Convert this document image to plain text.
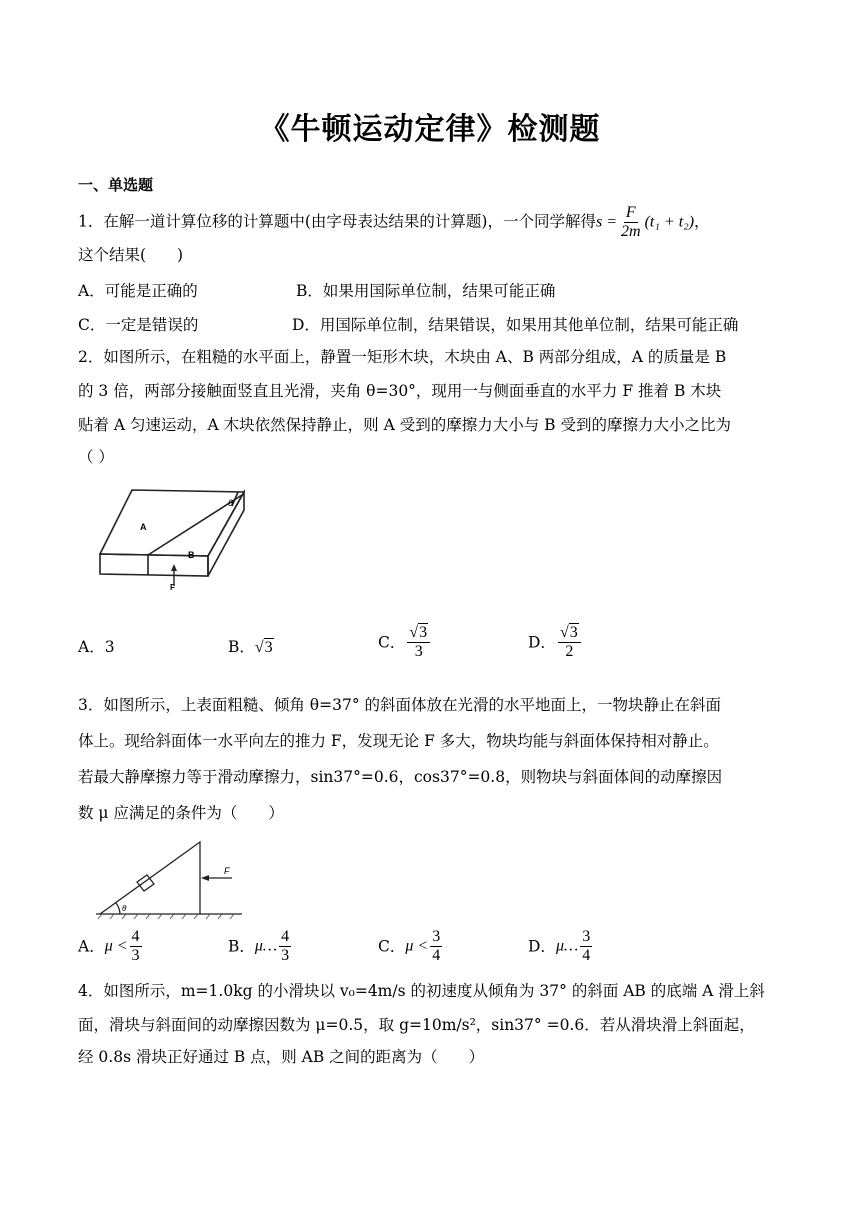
《牛顿运动定律》检测题
一、单选题
1．在解一道计算位移的计算题中(由字母表达结果的计算题)，一个同学解得$s = \frac{F}{2m} (t_1 + t_2)$，
这个结果(　　)
A．可能是正确的	B．如果用国际单位制，结果可能正确
C．一定是错误的	D．用国际单位制，结果错误，如果用其他单位制，结果可能正确
2．如图所示，在粗糙的水平面上，静置一矩形木块，木块由 A、B 两部分组成，A 的质量是 B
的 3 倍，两部分接触面竖直且光滑，夹角 θ=30°，现用一与侧面垂直的水平力 F 推着 B 木块
贴着 A 匀速运动，A 木块依然保持静止，则 A 受到的摩擦力大小与 B 受到的摩擦力大小之比为
（ ）
A
B
θ
F
A．3	B．√3	C． $\frac{√3}{3}$	D． $\frac{√3}{2}$
3．如图所示，上表面粗糙、倾角 θ=37° 的斜面体放在光滑的水平地面上，一物块静止在斜面
体上。现给斜面体一水平向左的推力 F，发现无论 F 多大，物块均能与斜面体保持相对静止。
若最大静摩擦力等于滑动摩擦力，sin37°=0.6，cos37°=0.8，则物块与斜面体间的动摩擦因
数 μ 应满足的条件为（　　）
θ
F
A．$\mu < \frac{4}{3}$	B．μ… $\frac{4}{3}$	C．$\mu < \frac{3}{4}$	D．μ… $\frac{3}{4}$
4．如图所示，m=1.0kg 的小滑块以 v₀=4m/s 的初速度从倾角为 37° 的斜面 AB 的底端 A 滑上斜
面，滑块与斜面间的动摩擦因数为 μ=0.5，取 g=10m/s²，sin37° =0.6．若从滑块滑上斜面起，
经 0.8s 滑块正好通过 B 点，则 AB 之间的距离为（　　）
